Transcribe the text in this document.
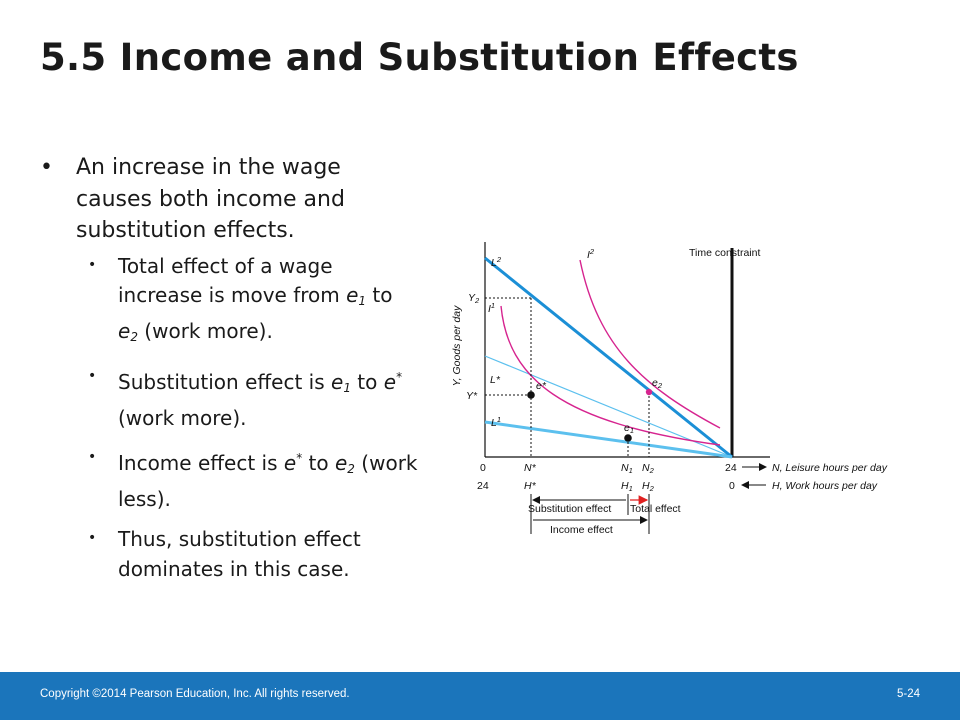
5.5 Income and Substitution Effects
• An increase in the wage causes both income and substitution effects.
• Total effect of a wage increase is move from $e_1$ to $e_2$ (work more).
• Substitution effect is $e_1$ to e* (work more).
• Income effect is e* to $e_2$ (work less).
• Thus, substitution effect dominates in this case.
Time constraint
Y, Goods per day
$L^2$	$I^2$
$I^1$
L*
$L^1$
e*
e1
e2
Y2
Y*
0	N*	N1 N2	24	N, Leisure hours per day
24	H*	H1 H2	0	H, Work hours per day
Substitution effect Total effect
Income effect
Copyright ©2014 Pearson Education, Inc. All rights reserved.	5-24
